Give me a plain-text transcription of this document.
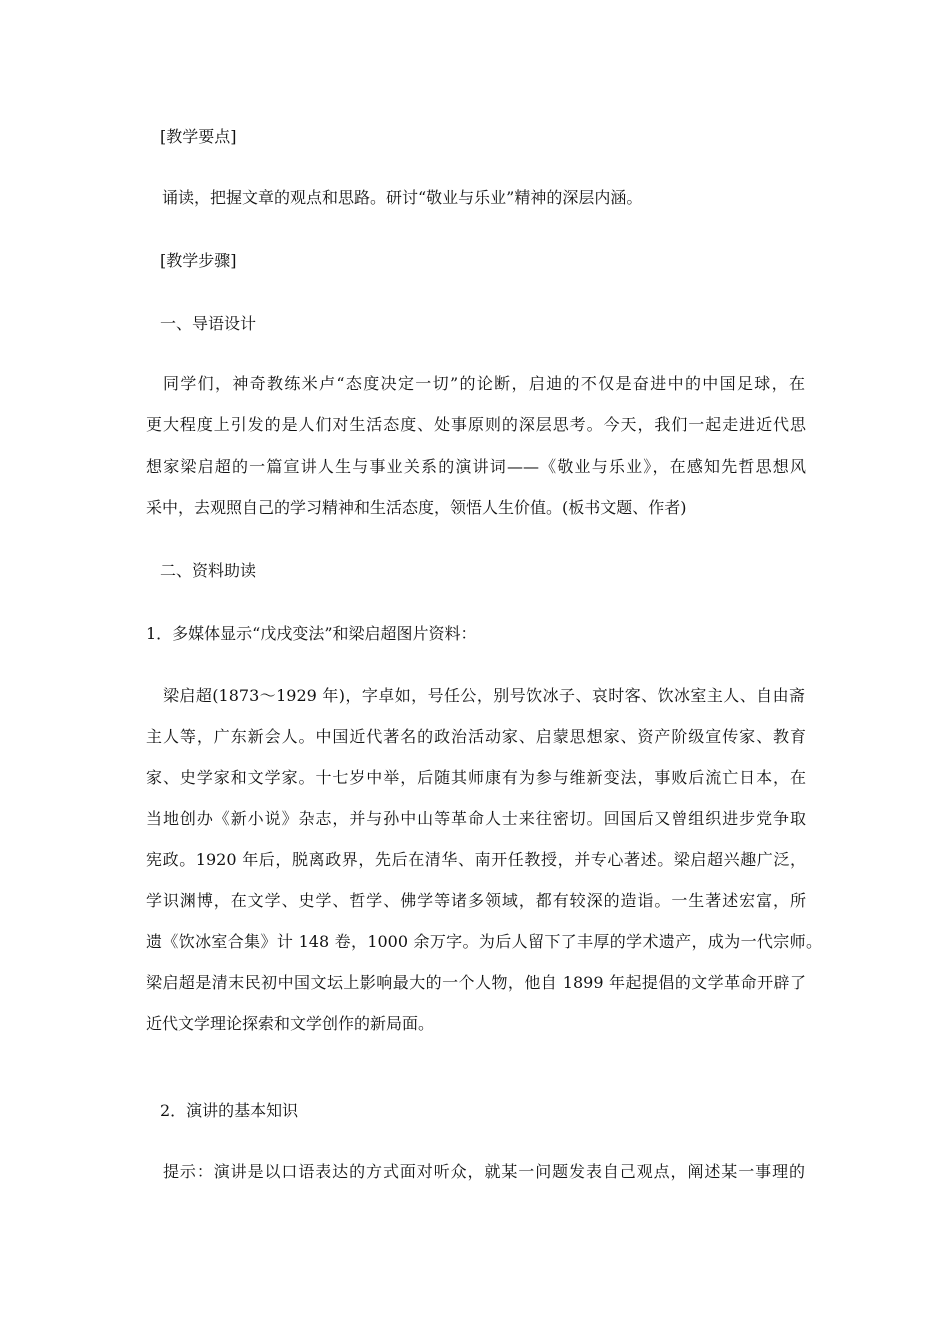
[教学要点]
诵读，把握文章的观点和思路。研讨“敬业与乐业”精神的深层内涵。
[教学步骤]
一、导语设计
同学们，神奇教练米卢“态度决定一切”的论断，启迪的不仅是奋进中的中国足球，在
更大程度上引发的是人们对生活态度、处事原则的深层思考。今天，我们一起走进近代思
想家梁启超的一篇宣讲人生与事业关系的演讲词——《敬业与乐业》，在感知先哲思想风
采中，去观照自己的学习精神和生活态度，领悟人生价值。(板书文题、作者)
二、资料助读
1．多媒体显示“戊戌变法”和梁启超图片资料：
梁启超(1873～1929 年)，字卓如，号任公，别号饮冰子、哀时客、饮冰室主人、自由斋
主人等，广东新会人。中国近代著名的政治活动家、启蒙思想家、资产阶级宣传家、教育
家、史学家和文学家。十七岁中举，后随其师康有为参与维新变法，事败后流亡日本，在
当地创办《新小说》杂志，并与孙中山等革命人士来往密切。回国后又曾组织进步党争取
宪政。1920 年后，脱离政界，先后在清华、南开任教授，并专心著述。梁启超兴趣广泛，
学识渊博，在文学、史学、哲学、佛学等诸多领域，都有较深的造诣。一生著述宏富，所
遗《饮冰室合集》计 148 卷，1000 余万字。为后人留下了丰厚的学术遗产，成为一代宗师。
梁启超是清末民初中国文坛上影响最大的一个人物，他自 1899 年起提倡的文学革命开辟了
近代文学理论探索和文学创作的新局面。
2．演讲的基本知识
提示：演讲是以口语表达的方式面对听众，就某一问题发表自己观点，阐述某一事理的
